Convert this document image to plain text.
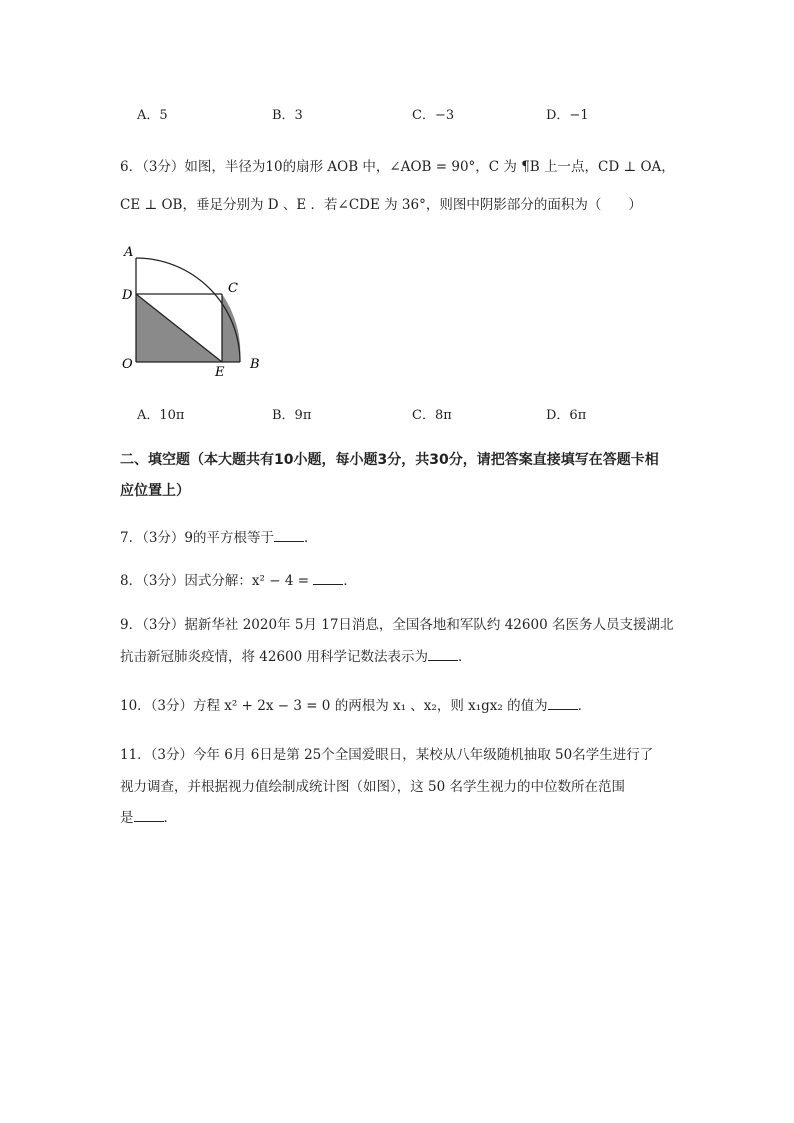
A．5	B．3	C．−3	D．−1
6．（3分）如图，半径为10的扇形 AOB 中，∠AOB = 90°，C 为 ¶B 上一点，CD ⊥ OA，
CE ⊥ OB，垂足分别为 D 、E ．若∠CDE 为 36°，则图中阴影部分的面积为（　　）
A
D	C
O
E
B
A．10π	B．9π	C．8π	D．6π
二、填空题（本大题共有10小题，每小题3分，共30分，请把答案直接填写在答题卡相
应位置上）
7．（3分）9的平方根等于 ．
8．（3分）因式分解：x² − 4 =	．
9．（3分）据新华社 2020年 5月 17日消息，全国各地和军队约 42600 名医务人员支援湖北
抗击新冠肺炎疫情，将 42600 用科学记数法表示为 ．
10．（3分）方程 x² + 2x − 3 = 0 的两根为 x₁ 、x₂，则 x₁gx₂ 的值为 ．
11．（3分）今年 6月 6日是第 25个全国爱眼日，某校从八年级随机抽取 50名学生进行了
视力调查，并根据视力值绘制成统计图（如图），这 50 名学生视力的中位数所在范围
是 ．
